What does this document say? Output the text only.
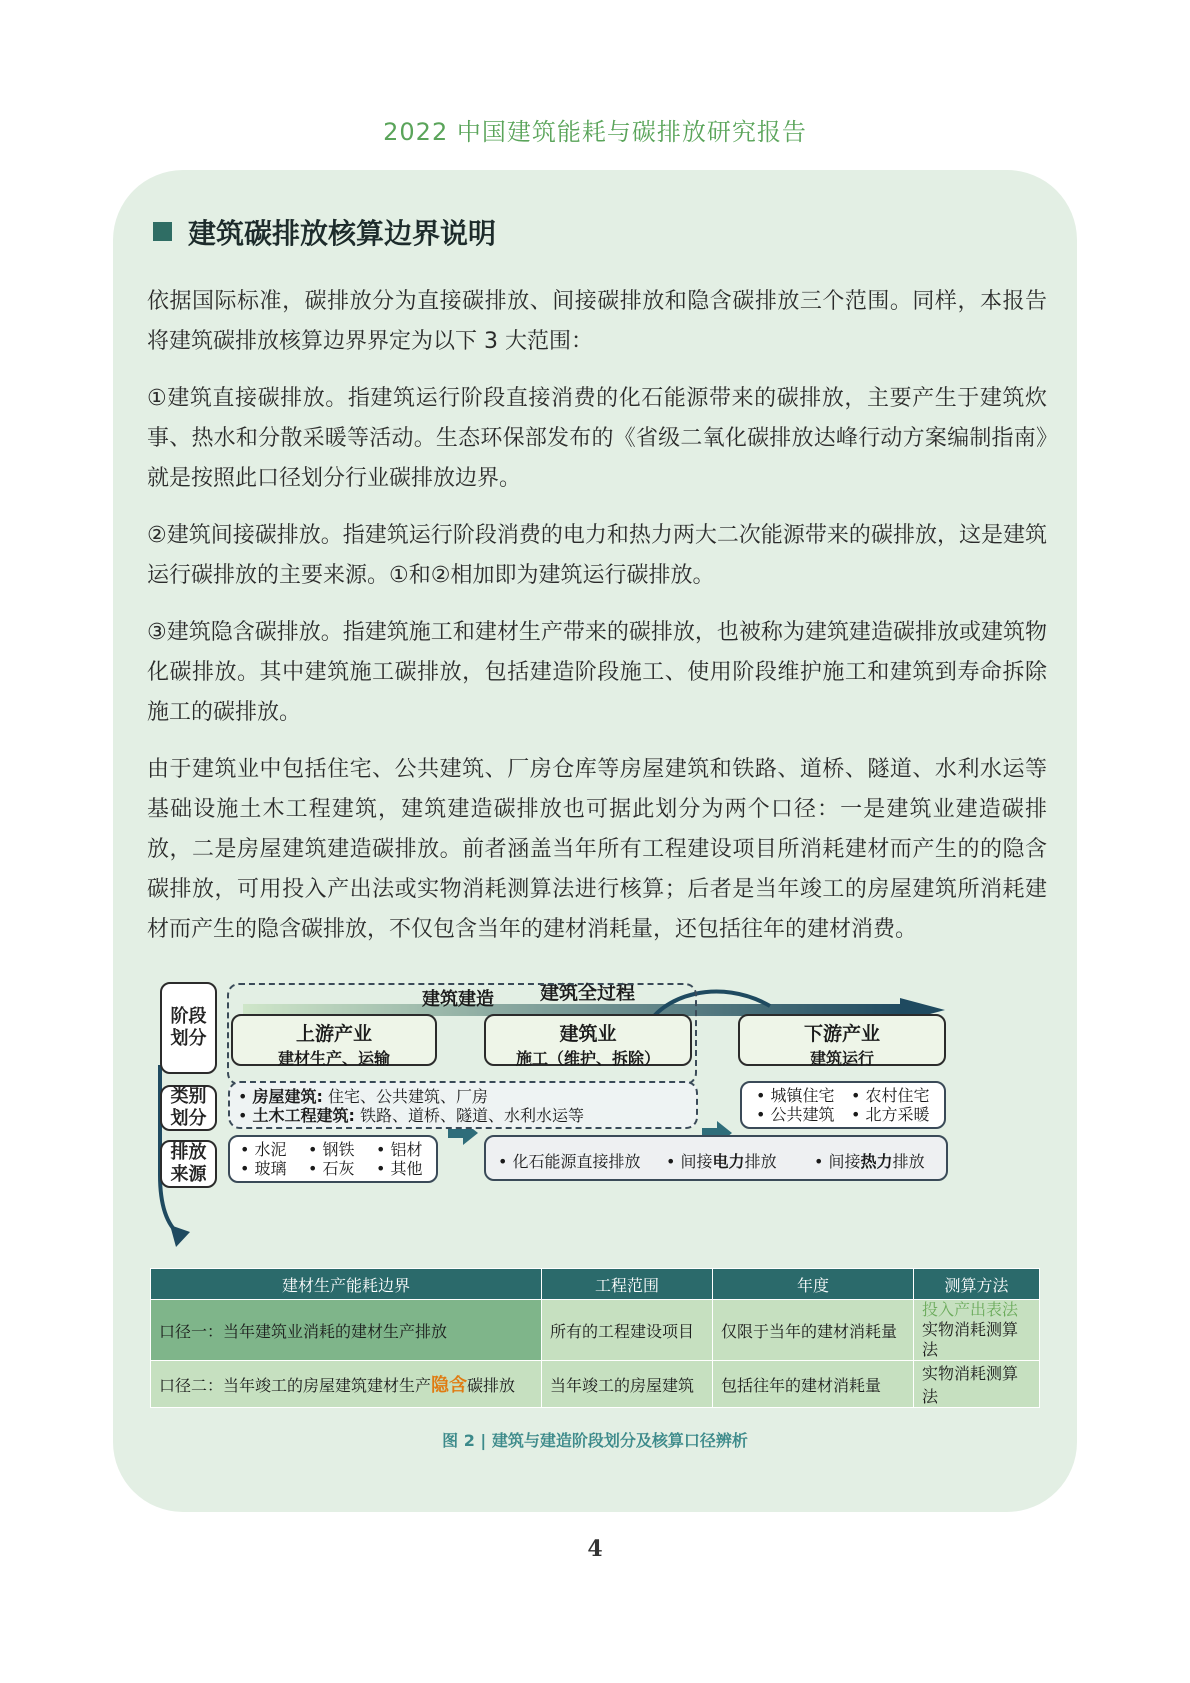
2022 中国建筑能耗与碳排放研究报告
建筑碳排放核算边界说明

依据国际标准，碳排放分为直接碳排放、间接碳排放和隐含碳排放三个范围。同样，本报告将建筑碳排放核算边界界定为以下 3 大范围：

①建筑直接碳排放。指建筑运行阶段直接消费的化石能源带来的碳排放，主要产生于建筑炊事、热水和分散采暖等活动。生态环保部发布的《省级二氧化碳排放达峰行动方案编制指南》就是按照此口径划分行业碳排放边界。

②建筑间接碳排放。指建筑运行阶段消费的电力和热力两大二次能源带来的碳排放，这是建筑运行碳排放的主要来源。①和②相加即为建筑运行碳排放。

③建筑隐含碳排放。指建筑施工和建材生产带来的碳排放，也被称为建筑建造碳排放或建筑物化碳排放。其中建筑施工碳排放，包括建造阶段施工、使用阶段维护施工和建筑到寿命拆除施工的碳排放。

由于建筑业中包括住宅、公共建筑、厂房仓库等房屋建筑和铁路、道桥、隧道、水利水运等基础设施土木工程建筑，建筑建造碳排放也可据此划分为两个口径：一是建筑业建造碳排放，二是房屋建筑建造碳排放。前者涵盖当年所有工程建设项目所消耗建材而产生的的隐含碳排放，可用投入产出法或实物消耗测算法进行核算；后者是当年竣工的房屋建筑所消耗建材而产生的隐含碳排放，不仅包含当年的建材消耗量，还包括往年的建材消费。

建筑全过程
建筑建造
阶段划分
类别划分
排放来源
上游产业
建材生产、运输
建筑业
施工（维护、拆除）
下游产业
建筑运行
• 房屋建筑: 住宅、公共建筑、厂房
• 土木工程建筑: 铁路、道桥、隧道、水利水运等
• 城镇住宅 • 农村住宅
• 公共建筑 • 北方采暖
• 水泥 • 钢铁 • 铝材
• 玻璃 • 石灰 • 其他	• 化石能源直接排放 • 间接电力排放 • 间接热力排放
建材生产能耗边界	工程范围	年度	测算方法
口径一：当年建筑业消耗的建材生产排放	所有的工程建设项目	仅限于当年的建材消耗量	投入产出表法
实物消耗测算法

口径二：当年竣工的房屋建筑建材生产隐含碳排放	当年竣工的房屋建筑	包括往年的建材消耗量	实物消耗测算法
图 2 | 建筑与建造阶段划分及核算口径辨析
4
